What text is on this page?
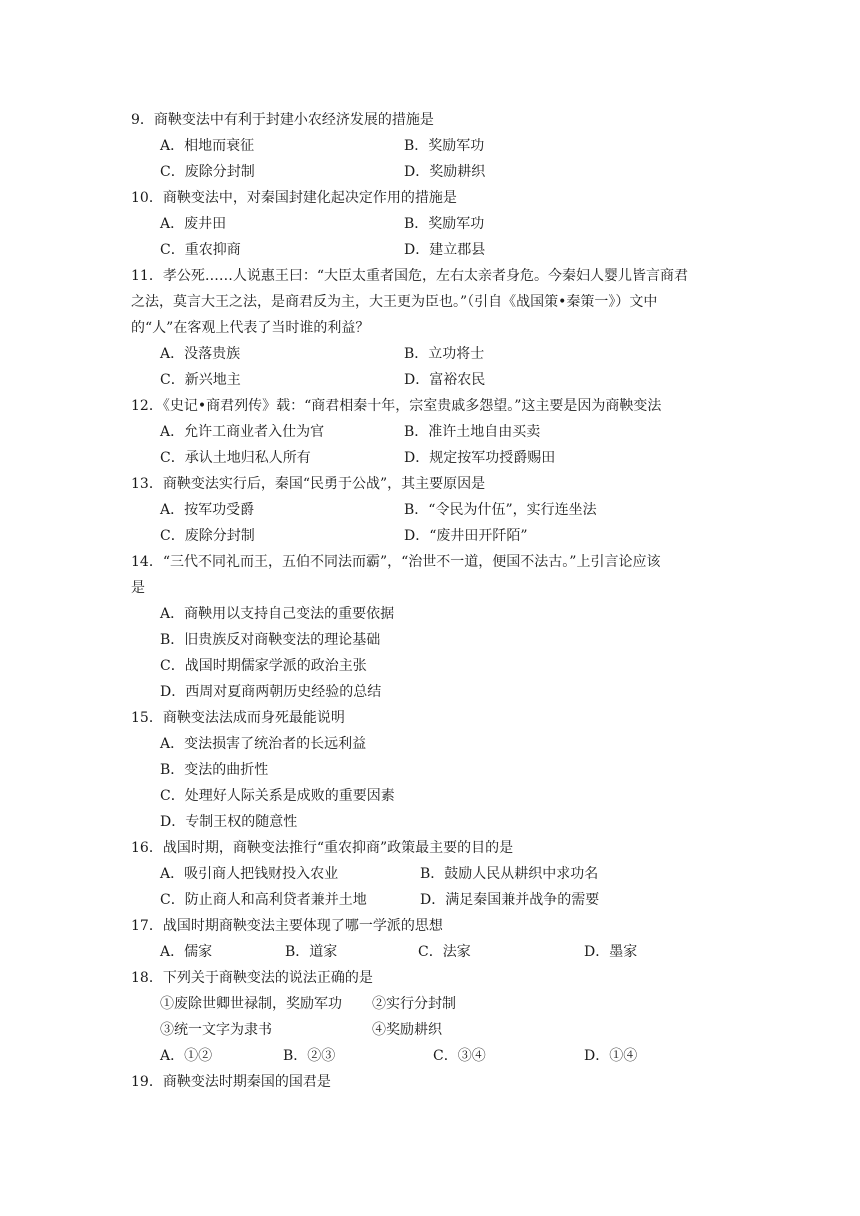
9．商鞅变法中有利于封建小农经济发展的措施是
A．相地而衰征	B．奖励军功
C．废除分封制	D．奖励耕织
10．商鞅变法中，对秦国封建化起决定作用的措施是
A．废井田	B．奖励军功
C．重农抑商	D．建立郡县
11．孝公死……人说惠王曰：“大臣太重者国危，左右太亲者身危。今秦妇人婴儿皆言商君
之法，莫言大王之法，是商君反为主，大王更为臣也。”（引自《战国策•秦策一》）文中
的“人”在客观上代表了当时谁的利益？
A．没落贵族	B．立功将士
C．新兴地主	D．富裕农民
12．《史记•商君列传》载：“商君相秦十年，宗室贵戚多怨望。”这主要是因为商鞅变法
A．允许工商业者入仕为官	B．准许土地自由买卖
C．承认土地归私人所有	D．规定按军功授爵赐田
13．商鞅变法实行后，秦国“民勇于公战”，其主要原因是
A．按军功受爵	B．“令民为什伍”，实行连坐法
C．废除分封制	D．“废井田开阡陌”
14．“三代不同礼而王，五伯不同法而霸”，“治世不一道，便国不法古。”上引言论应该
是
A．商鞅用以支持自己变法的重要依据
B．旧贵族反对商鞅变法的理论基础
C．战国时期儒家学派的政治主张
D．西周对夏商两朝历史经验的总结
15．商鞅变法法成而身死最能说明
A．变法损害了统治者的长远利益
B．变法的曲折性
C．处理好人际关系是成败的重要因素
D．专制王权的随意性
16．战国时期，商鞅变法推行“重农抑商”政策最主要的目的是
A．吸引商人把钱财投入农业	B．鼓励人民从耕织中求功名
C．防止商人和高利贷者兼并土地	D．满足秦国兼并战争的需要
17．战国时期商鞅变法主要体现了哪一学派的思想
A．儒家	B．道家	C．法家	D．墨家
18．下列关于商鞅变法的说法正确的是
①废除世卿世禄制，奖励军功 ②实行分封制
③统一文字为隶书	④奖励耕织
A．①②	B．②③	C．③④	D．①④
19．商鞅变法时期秦国的国君是
